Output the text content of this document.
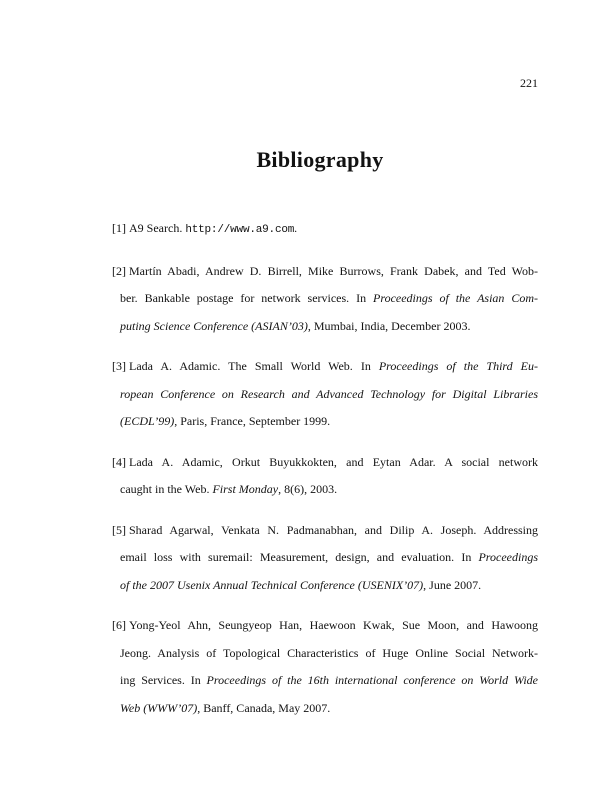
221
Bibliography
[1] A9 Search. http://www.a9.com.
[2] Martín Abadi, Andrew D. Birrell, Mike Burrows, Frank Dabek, and Ted Wob-
ber. Bankable postage for network services. In Proceedings of the Asian Com-
puting Science Conference (ASIAN’03), Mumbai, India, December 2003.
[3] Lada A. Adamic. The Small World Web. In Proceedings of the Third Eu-
ropean Conference on Research and Advanced Technology for Digital Libraries
(ECDL’99), Paris, France, September 1999.
[4] Lada A. Adamic, Orkut Buyukkokten, and Eytan Adar. A social network
caught in the Web. First Monday, 8(6), 2003.
[5] Sharad Agarwal, Venkata N. Padmanabhan, and Dilip A. Joseph. Addressing
email loss with suremail: Measurement, design, and evaluation. In Proceedings
of the 2007 Usenix Annual Technical Conference (USENIX’07), June 2007.
[6] Yong-Yeol Ahn, Seungyeop Han, Haewoon Kwak, Sue Moon, and Hawoong
Jeong. Analysis of Topological Characteristics of Huge Online Social Network-
ing Services. In Proceedings of the 16th international conference on World Wide
Web (WWW’07), Banff, Canada, May 2007.
